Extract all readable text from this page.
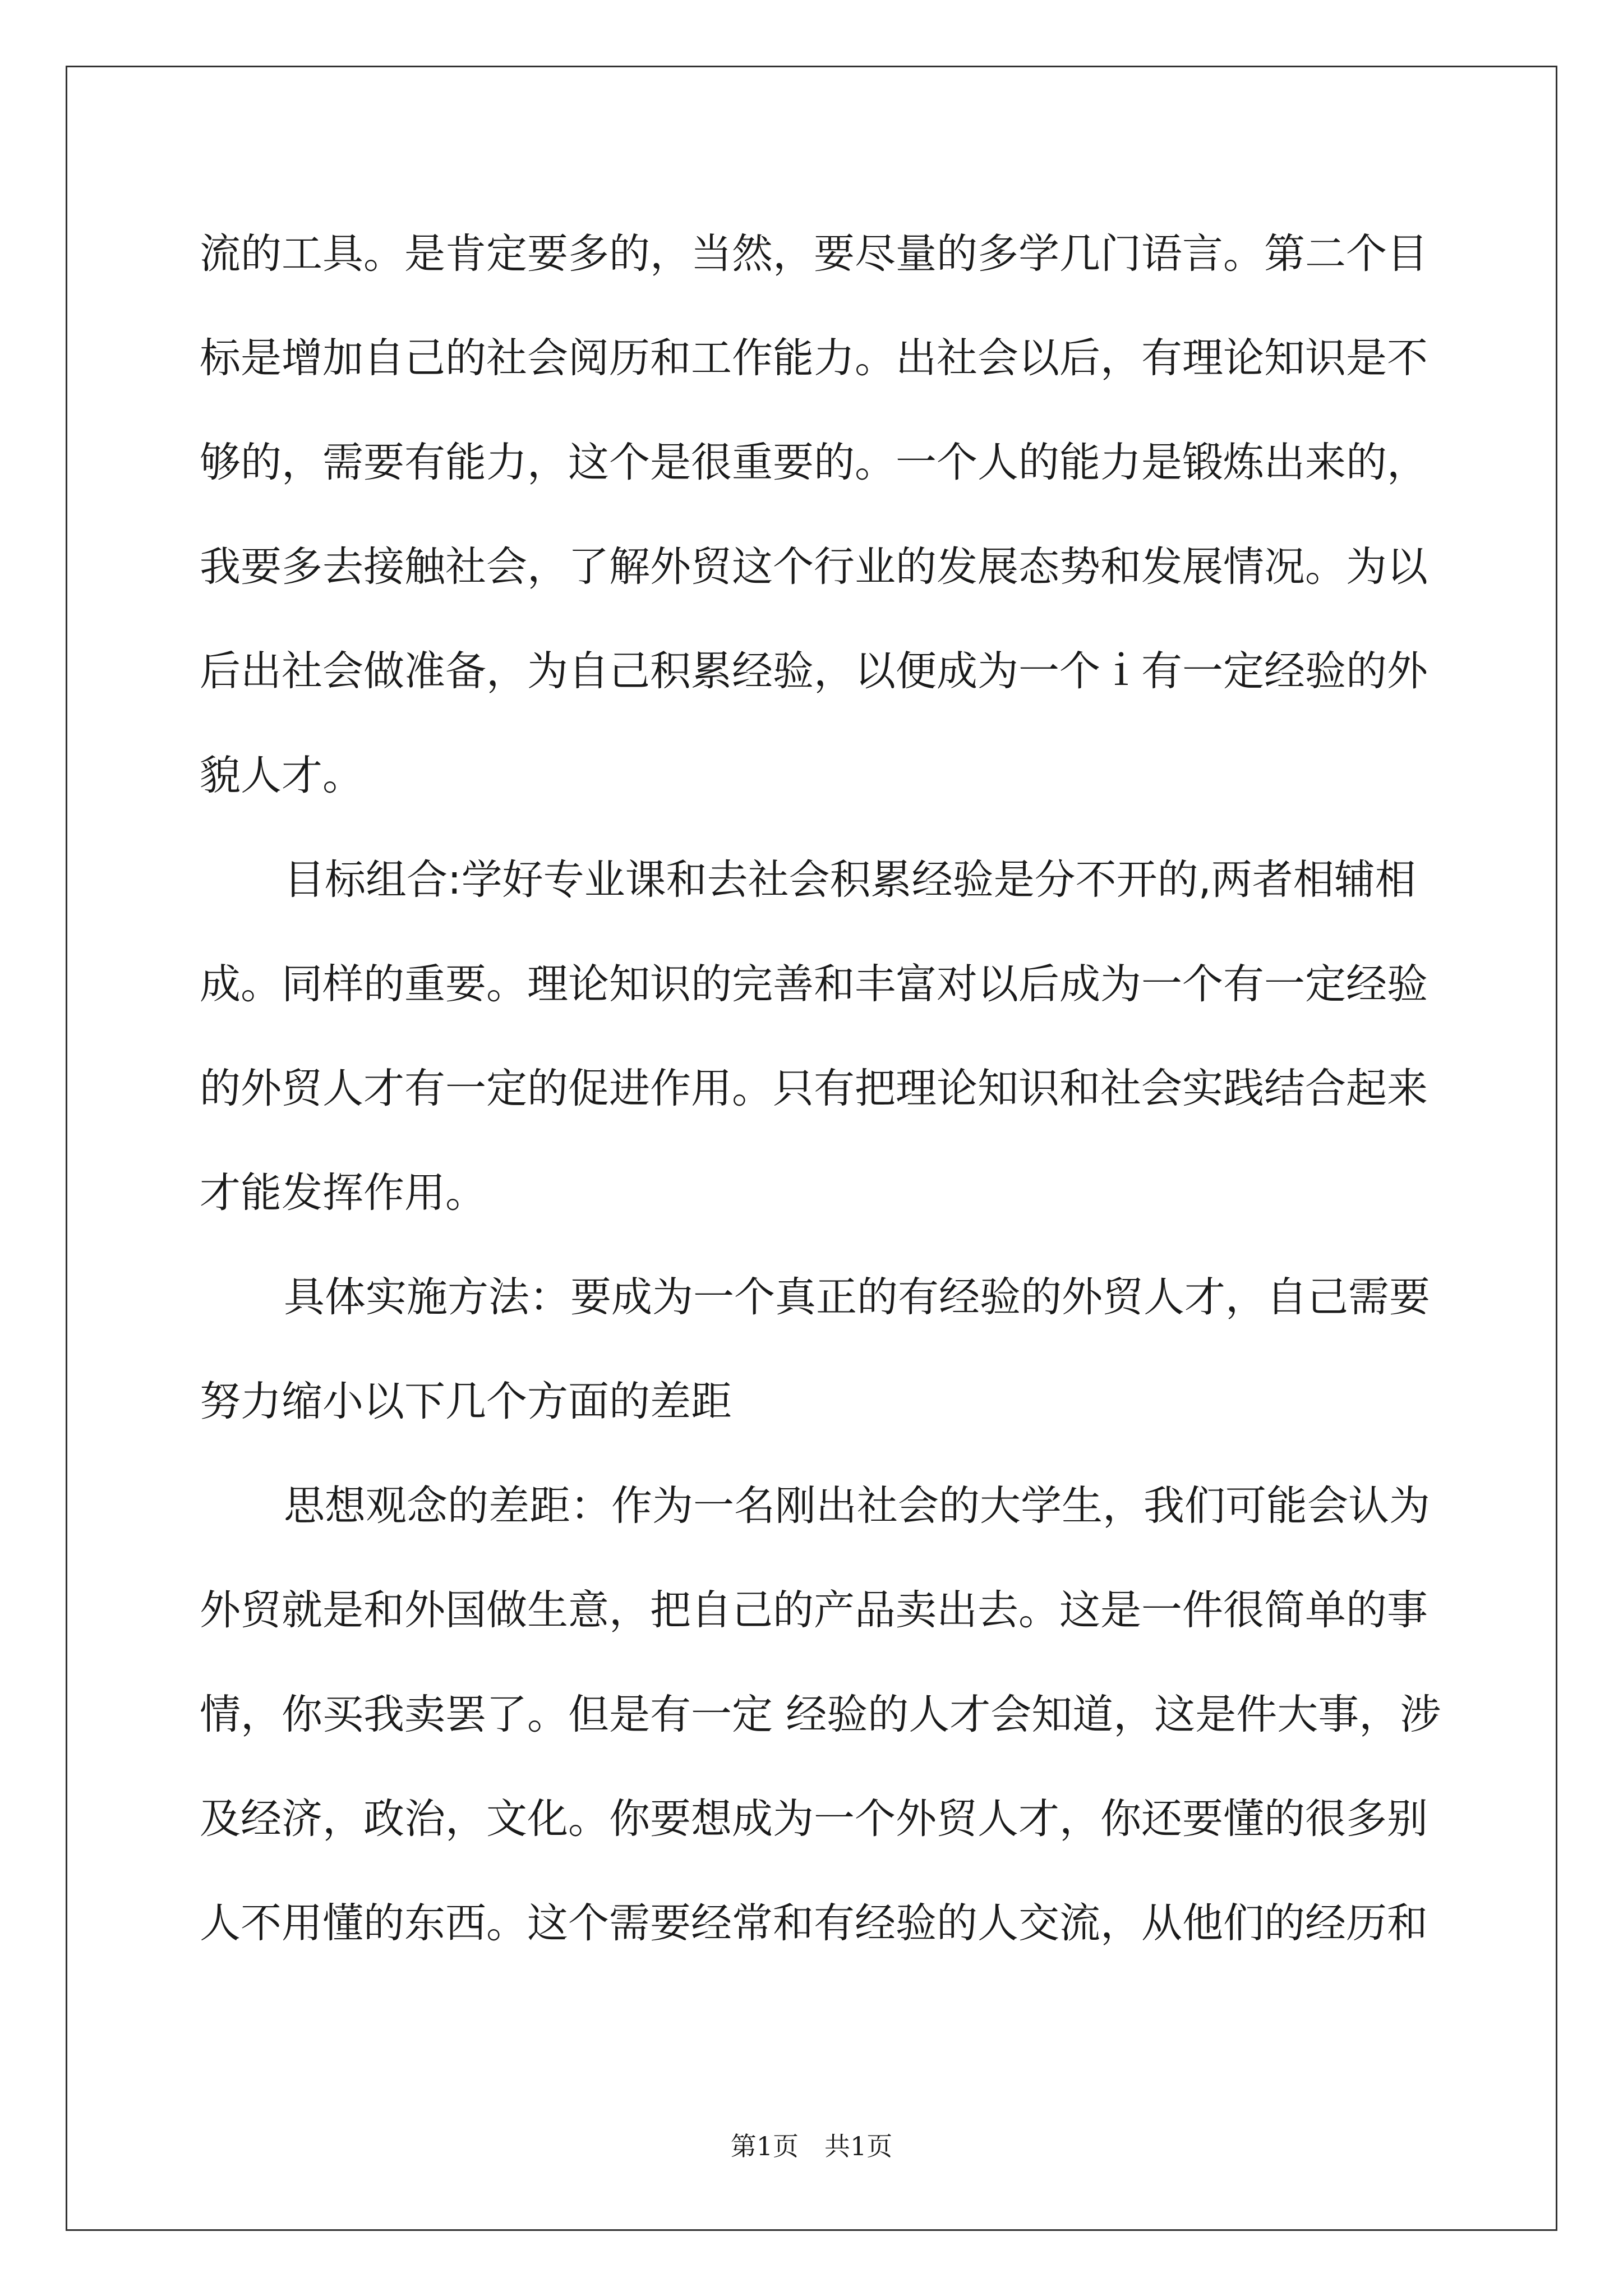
流的工具。是肯定要多的，当然，要尽量的多学几门语言。第二个目
标是增加自己的社会阅历和工作能力。出社会以后，有理论知识是不
够的，需要有能力，这个是很重要的。一个人的能力是锻炼出来的，
我要多去接触社会，了解外贸这个行业的发展态势和发展情况。为以
后出社会做准备，为自己积累经验，以便成为一个ｉ有一定经验的外
貌人才。
目标组合:学好专业课和去社会积累经验是分不开的,两者相辅相
成。同样的重要。理论知识的完善和丰富对以后成为一个有一定经验
的外贸人才有一定的促进作用。只有把理论知识和社会实践结合起来
才能发挥作用。
具体实施方法：要成为一个真正的有经验的外贸人才，自己需要
努力缩小以下几个方面的差距
思想观念的差距：作为一名刚出社会的大学生，我们可能会认为
外贸就是和外国做生意，把自己的产品卖出去。这是一件很简单的事
情，你买我卖罢了。但是有一定 经验的人才会知道，这是件大事，涉
及经济，政治，文化。你要想成为一个外贸人才，你还要懂的很多别
人不用懂的东西。这个需要经常和有经验的人交流，从他们的经历和
第1页　共1页
